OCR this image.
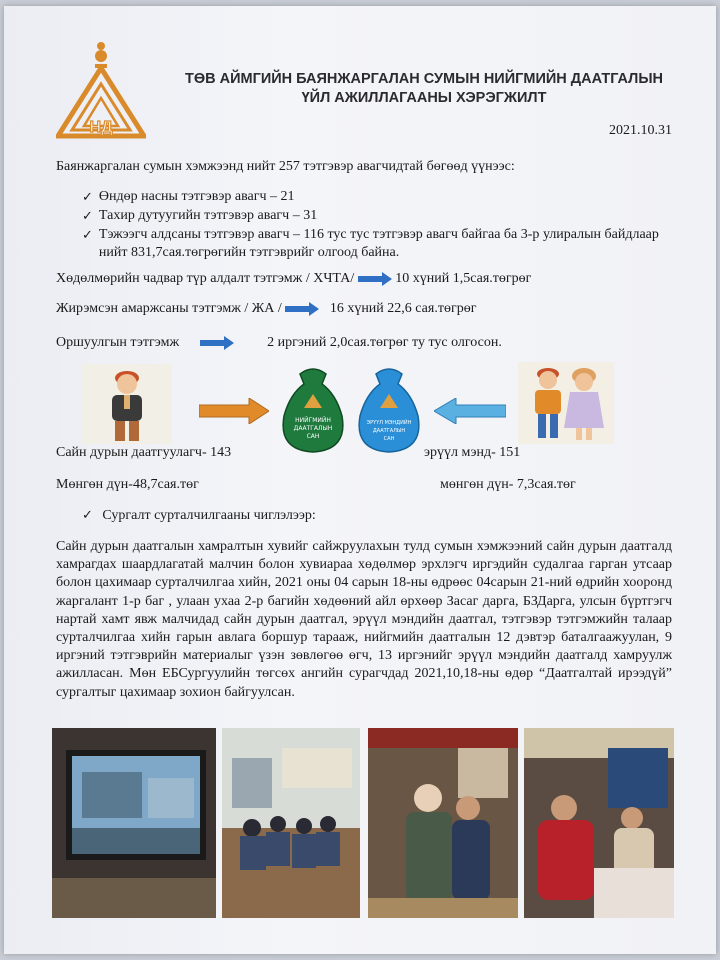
НД
ТӨВ АЙМГИЙН БАЯНЖАРГАЛАН СУМЫН НИЙГМИЙН ДААТГАЛЫН
ҮЙЛ АЖИЛЛАГААНЫ ХЭРЭГЖИЛТ
2021.10.31
Баянжаргалан сумын хэмжээнд нийт 257 тэтгэвэр авагчидтай бөгөөд үүнээс:
✓ Өндөр насны тэтгэвэр авагч – 21
✓ Тахир дутуугийн тэтгэвэр авагч – 31
✓ Тэжээгч алдсаны тэтгэвэр авагч – 116 тус тус тэтгэвэр авагч байгаа ба 3-р улиралын байдлаар нийт 831,7сая.төгрөгийн тэтгэврийг олгоод байна.
Хөдөлмөрийн чадвар түр алдалт тэтгэмж / ХЧТА/	10 хүний 1,5сая.төгрөг
Жирэмсэн амаржсаны тэтгэмж / ЖА /	16 хүний 22,6 сая.төгрөг
Оршуулгын тэтгэмж	2 иргэний 2,0сая.төгрөг ту тус олгосон.
НИЙГМИЙН
ДААТГАЛЫН
САН
ЭРҮҮЛ МЭНДИЙН
ДААТГАЛЫН
САН
Сайн дурын даатгуулагч- 143	эрүүл мэнд- 151
Мөнгөн дүн-48,7сая.төг	мөнгөн дүн- 7,3сая.төг
✓ Сургалт сурталчилгааны чиглэлээр:
Сайн дурын даатгалын хамралтын хувийг сайжруулахын тулд сумын хэмжээний сайн дурын даатгалд хамрагдах шаардлагатай малчин болон хувиараа хөдөлмөр эрхлэгч иргэдийн судалгаа гарган утсаар болон цахимаар сурталчилгаа хийн, 2021 оны 04 сарын 18-ны өдрөөс 04сарын 21-ний өдрийн хооронд жаргалант 1-р баг , улаан ухаа 2-р багийн хөдөөний айл өрхөөр Засаг дарга, БЗДарга, улсын бүртгэгч нартай хамт явж малчидад сайн дурын даатгал, эрүүл мэндийн даатгал, тэтгэвэр тэтгэмжийн талаар сурталчилгаа хийн гарын авлага боршур тарааж, нийгмийн даатгалын 12 дэвтэр баталгаажуулан, 9 иргэний тэтгэврийн материалыг үзэн зөвлөгөө өгч, 13 иргэнийг эрүүл мэндийн даатгалд хамруулж ажилласан. Мөн ЕБСургуулийн төгсөх ангийн сурагчдад 2021,10,18-ны өдөр “Даатгалтай ирээдүй” сургалтыг цахимаар зохион байгуулсан.
